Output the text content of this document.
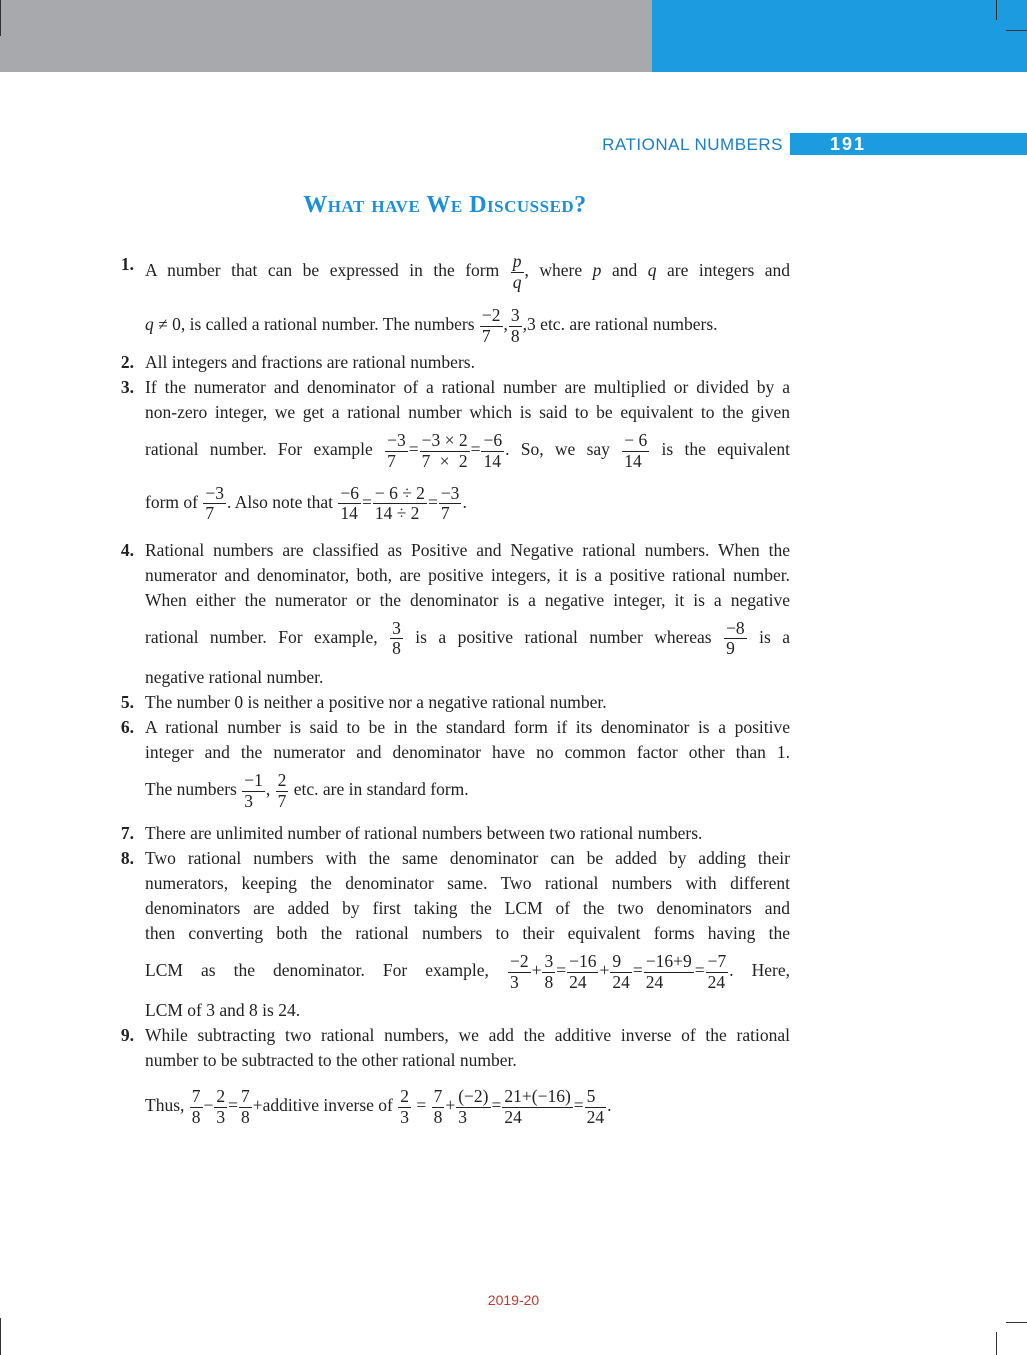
RATIONAL NUMBERS	191
What have We Discussed?
1. A number that can be expressed in the form $\frac{p}{q}$ , where p and q are integers and
q ≠ 0, is called a rational number. The numbers $\frac{-2}{7}$ , $\frac{3}{8} ,3$ etc. are rational numbers.
2. All integers and fractions are rational numbers.
3. If the numerator and denominator of a rational number are multiplied or divided by a
non-zero integer, we get a rational number which is said to be equivalent to the given
rational number. For example $\frac{-3}{7} = \frac{-3 \times 2}{7 \times 2} = \frac{-6}{14}$ . So, we say $\frac{- 6}{14}$ is the equivalent
form of $\frac{-3}{7}$ . Also note that $\frac{-6}{14} = \frac{- 6 \div 2}{14 \div 2} = \frac{-3}{7}$ .
4. Rational numbers are classified as Positive and Negative rational numbers. When the
numerator and denominator, both, are positive integers, it is a positive rational number.
When either the numerator or the denominator is a negative integer, it is a negative
rational number. For example, $\frac{3}{8}$ is a positive rational number whereas $\frac{-8}{9}$ is a
negative rational number.
5. The number 0 is neither a positive nor a negative rational number.
6. A rational number is said to be in the standard form if its denominator is a positive
integer and the numerator and denominator have no common factor other than 1.
The numbers $\frac{-1}{3}$ , $\frac{2}{7}$ etc. are in standard form.
7. There are unlimited number of rational numbers between two rational numbers.
8. Two rational numbers with the same denominator can be added by adding their
numerators, keeping the denominator same. Two rational numbers with different
denominators are added by first taking the LCM of the two denominators and
then converting both the rational numbers to their equivalent forms having the
LCM as the denominator. For example, $\frac{-2}{3} + \frac{3}{8} = \frac{-16}{24} + \frac{9}{24} = \frac{-16+9}{24} = \frac{-7}{24}$ . Here,
LCM of 3 and 8 is 24.
9. While subtracting two rational numbers, we add the additive inverse of the rational
number to be subtracted to the other rational number.
Thus, $\frac{7}{8} - \frac{2}{3} = \frac{7}{8}$ +additive inverse of $\frac{2}{3} = \frac{7}{8} + \frac{(-2)}{3} = \frac{21+(-16)}{24} = \frac{5}{24}$ .
2019-20
